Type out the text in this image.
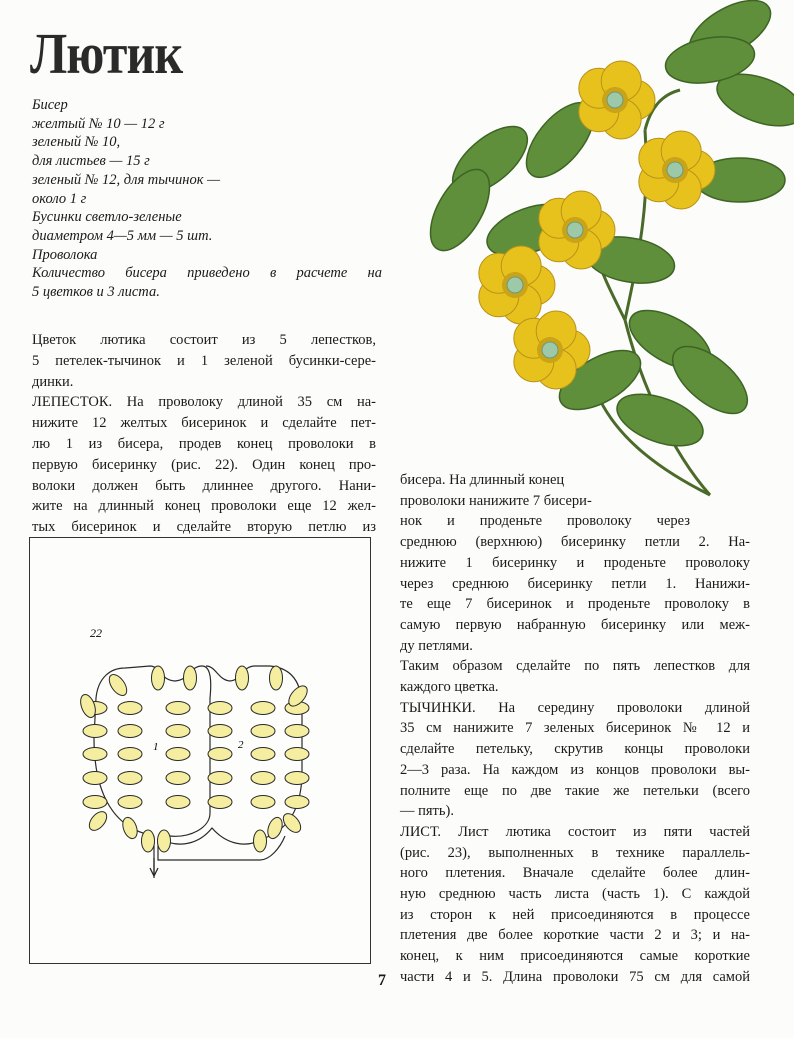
Лютик
Бисер
желтый № 10 — 12 г
зеленый № 10,
для листьев — 15 г
зеленый № 12, для тычинок —
около 1 г
Бусинки светло-зеленые
диаметром 4—5 мм — 5 шт.
Проволока
Количество бисера приведено в расчете на
5 цветков и 3 листа.
Цветок лютика состоит из 5 лепестков,
5 петелек-тычинок и 1 зеленой бусинки-серe-
динки.
ЛЕПЕСТОК. На проволоку длиной 35 см на-
нижите 12 желтых бисеринок и сделайте пет-
лю 1 из бисера, продев конец проволоки в
первую бисеринку (рис. 22). Один конец про-
волоки должен быть длиннее другого. Нани-
жите на длинный конец проволоки еще 12 жел-
тых бисеринок и сделайте вторую петлю из
бисера. На длинный конец
проволоки нанижите 7 бисери-
нок и проденьте проволоку через
среднюю (верхнюю) бисеринку петли 2. На-
нижите 1 бисеринку и проденьте проволоку
через среднюю бисеринку петли 1. Нанижи-
те еще 7 бисеринок и проденьте проволоку в
самую первую набранную бисеринку или меж-
ду петлями.
Таким образом сделайте по пять лепестков для
каждого цветка.
ТЫЧИНКИ. На середину проволоки длиной
35 см нанижите 7 зеленых бисеринок № 12 и
сделайте петельку, скрутив концы проволоки
2—3 раза. На каждом из концов проволоки вы-
полните еще по две такие же петельки (всего
— пять).
ЛИСТ. Лист лютика состоит из пяти частей
(рис. 23), выполненных в технике параллель-
ного плетения. Вначале сделайте более длин-
ную среднюю часть листа (часть 1). С каждой
из сторон к ней присоединяются в процессе
плетения две более короткие части 2 и 3; и на-
конец, к ним присоединяются самые короткие
части 4 и 5. Длина проволоки 75 см для самой
22
1	2
7
